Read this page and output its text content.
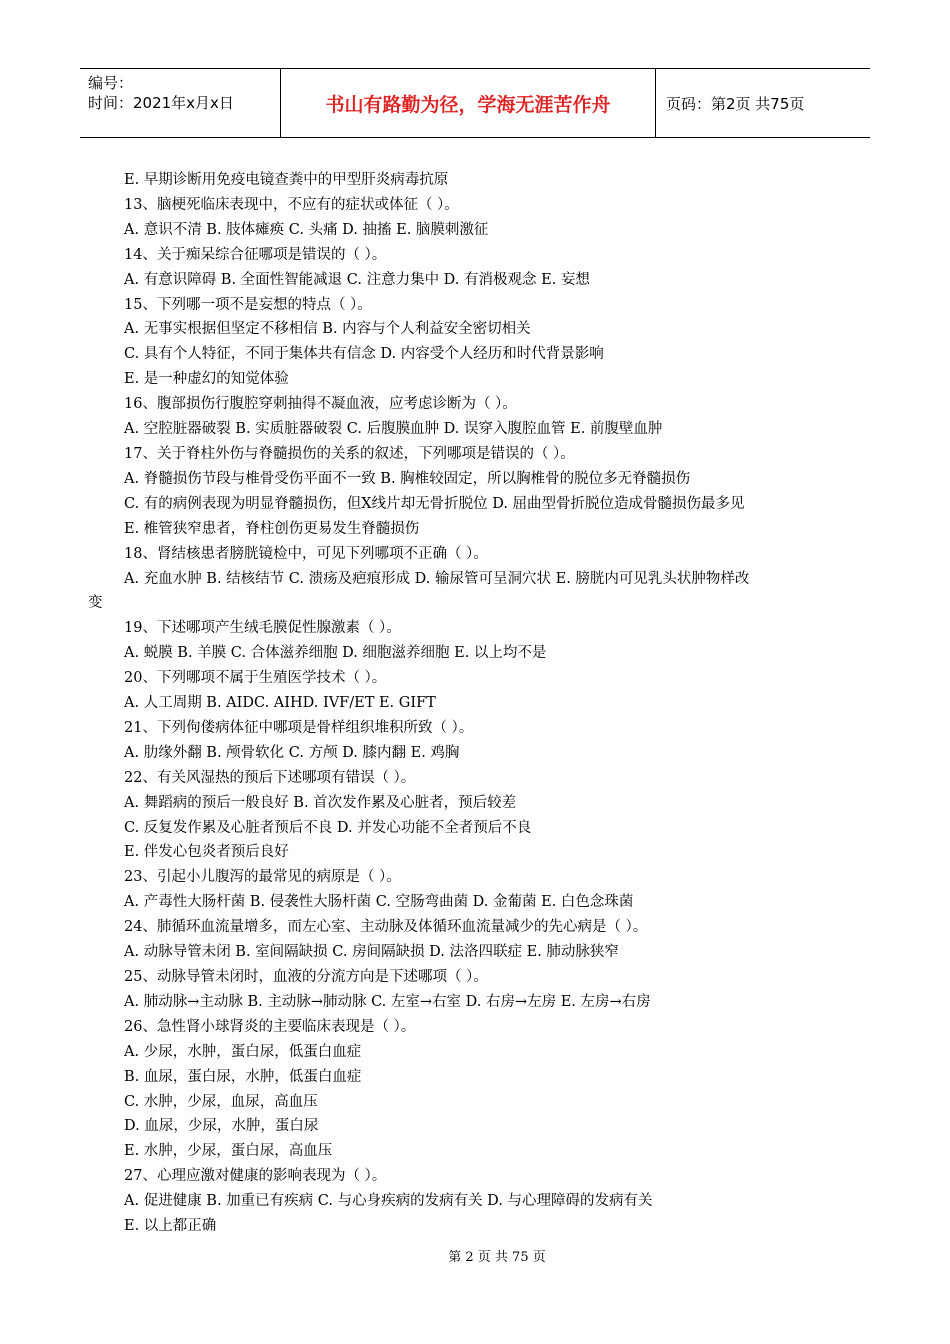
编号：
时间：2021年x月x日	书山有路勤为径，学海无涯苦作舟	页码：第2页 共75页
E. 早期诊断用免疫电镜查粪中的甲型肝炎病毒抗原
13、脑梗死临床表现中，不应有的症状或体征（ ）。
A. 意识不清 B. 肢体瘫痪 C. 头痛 D. 抽搐 E. 脑膜刺激征
14、关于痴呆综合征哪项是错误的（ ）。
A. 有意识障碍 B. 全面性智能减退 C. 注意力集中 D. 有消极观念 E. 妄想
15、下列哪一项不是妄想的特点（ ）。
A. 无事实根据但坚定不移相信 B. 内容与个人利益安全密切相关
C. 具有个人特征，不同于集体共有信念 D. 内容受个人经历和时代背景影响
E. 是一种虚幻的知觉体验
16、腹部损伤行腹腔穿刺抽得不凝血液，应考虑诊断为（ ）。
A. 空腔脏器破裂 B. 实质脏器破裂 C. 后腹膜血肿 D. 误穿入腹腔血管 E. 前腹壁血肿
17、关于脊柱外伤与脊髓损伤的关系的叙述，下列哪项是错误的（ ）。
A. 脊髓损伤节段与椎骨受伤平面不一致 B. 胸椎较固定，所以胸椎骨的脱位多无脊髓损伤
C. 有的病例表现为明显脊髓损伤，但X线片却无骨折脱位 D. 屈曲型骨折脱位造成骨髓损伤最多见
E. 椎管狭窄患者，脊柱创伤更易发生脊髓损伤
18、肾结核患者膀胱镜检中，可见下列哪项不正确（ ）。
A. 充血水肿 B. 结核结节 C. 溃疡及疤痕形成 D. 输尿管可呈洞穴状 E. 膀胱内可见乳头状肿物样改
变
19、下述哪项产生绒毛膜促性腺激素（ ）。
A. 蜕膜 B. 羊膜 C. 合体滋养细胞 D. 细胞滋养细胞 E. 以上均不是
20、下列哪项不属于生殖医学技术（ ）。
A. 人工周期 B. AIDC. AIHD. IVF/ET E. GIFT
21、下列佝偻病体征中哪项是骨样组织堆积所致（ ）。
A. 肋缘外翻 B. 颅骨软化 C. 方颅 D. 膝内翻 E. 鸡胸
22、有关风湿热的预后下述哪项有错误（ ）。
A. 舞蹈病的预后一般良好 B. 首次发作累及心脏者，预后较差
C. 反复发作累及心脏者预后不良 D. 并发心功能不全者预后不良
E. 伴发心包炎者预后良好
23、引起小儿腹泻的最常见的病原是（ ）。
A. 产毒性大肠杆菌 B. 侵袭性大肠杆菌 C. 空肠弯曲菌 D. 金葡菌 E. 白色念珠菌
24、肺循环血流量增多，而左心室、主动脉及体循环血流量减少的先心病是（ ）。
A. 动脉导管未闭 B. 室间隔缺损 C. 房间隔缺损 D. 法洛四联症 E. 肺动脉狭窄
25、动脉导管未闭时，血液的分流方向是下述哪项（ ）。
A. 肺动脉→主动脉 B. 主动脉→肺动脉 C. 左室→右室 D. 右房→左房 E. 左房→右房
26、急性肾小球肾炎的主要临床表现是（ ）。
A. 少尿，水肿，蛋白尿，低蛋白血症
B. 血尿，蛋白尿，水肿，低蛋白血症
C. 水肿，少尿，血尿，高血压
D. 血尿，少尿，水肿，蛋白尿
E. 水肿，少尿，蛋白尿，高血压
27、心理应激对健康的影响表现为（ ）。
A. 促进健康 B. 加重已有疾病 C. 与心身疾病的发病有关 D. 与心理障碍的发病有关
E. 以上都正确
第 2 页 共 75 页
